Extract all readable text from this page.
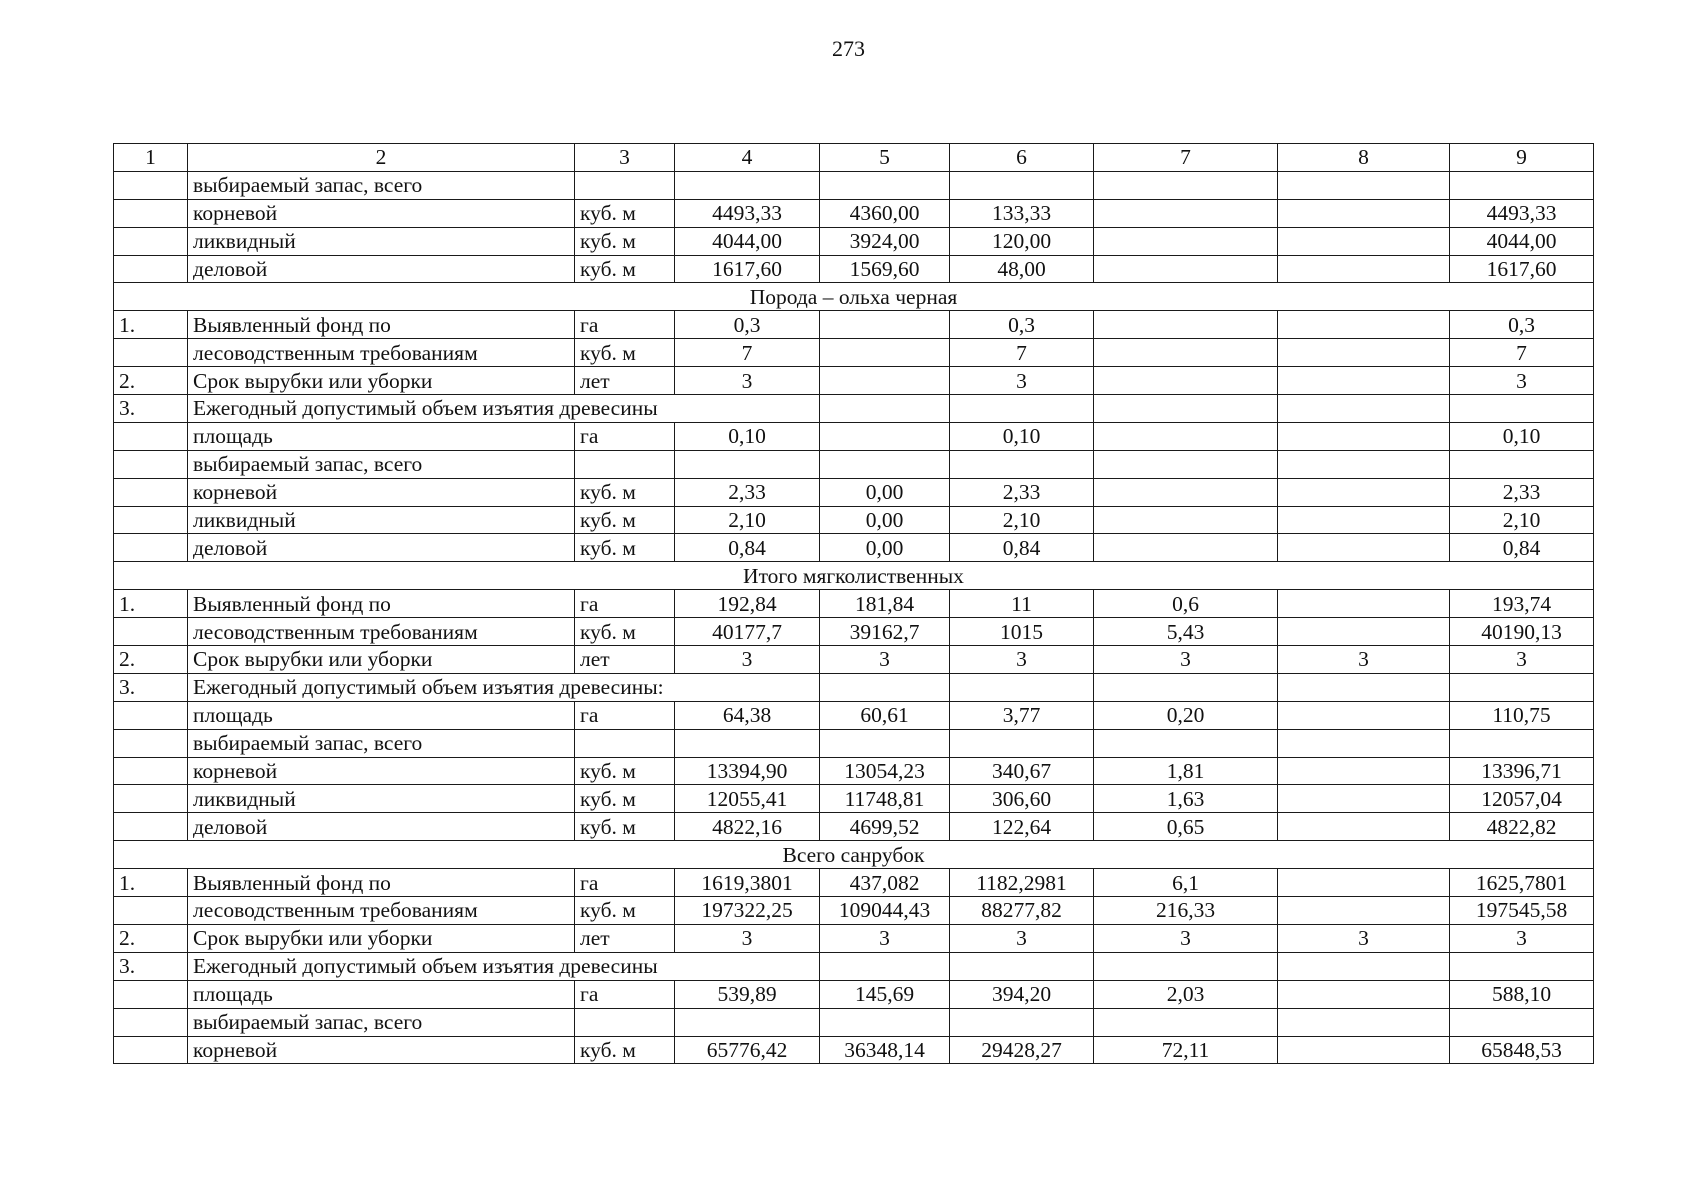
273
1	2	3	4	5	6	7	8	9
	выбираемый запас, всего							
	корневой	куб. м	4493,33	4360,00	133,33			4493,33
	ликвидный	куб. м	4044,00	3924,00	120,00			4044,00
	деловой	куб. м	1617,60	1569,60	48,00			1617,60
Порода – ольха черная								
1.	Выявленный фонд по	га	0,3		0,3			0,3
	лесоводственным требованиям	куб. м	7		7			7
2.	Срок вырубки или уборки	лет	3		3			3
3.	Ежегодный допустимый объем изъятия древесины							
	площадь	га	0,10		0,10			0,10
	выбираемый запас, всего							
	корневой	куб. м	2,33	0,00	2,33			2,33
	ликвидный	куб. м	2,10	0,00	2,10			2,10
	деловой	куб. м	0,84	0,00	0,84			0,84
Итого мягколиственных								
1.	Выявленный фонд по	га	192,84	181,84	11	0,6		193,74
	лесоводственным требованиям	куб. м	40177,7	39162,7	1015	5,43		40190,13
2.	Срок вырубки или уборки	лет	3	3	3	3	3	3
3.	Ежегодный допустимый объем изъятия древесины:							
	площадь	га	64,38	60,61	3,77	0,20		110,75
	выбираемый запас, всего							
	корневой	куб. м	13394,90	13054,23	340,67	1,81		13396,71
	ликвидный	куб. м	12055,41	11748,81	306,60	1,63		12057,04
	деловой	куб. м	4822,16	4699,52	122,64	0,65		4822,82
Всего санрубок								
1.	Выявленный фонд по	га	1619,3801	437,082	1182,2981	6,1		1625,7801
	лесоводственным требованиям	куб. м	197322,25	109044,43	88277,82	216,33		197545,58
2.	Срок вырубки или уборки	лет	3	3	3	3	3	3
3.	Ежегодный допустимый объем изъятия древесины							
	площадь	га	539,89	145,69	394,20	2,03		588,10
	выбираемый запас, всего							
	корневой	куб. м	65776,42	36348,14	29428,27	72,11		65848,53
